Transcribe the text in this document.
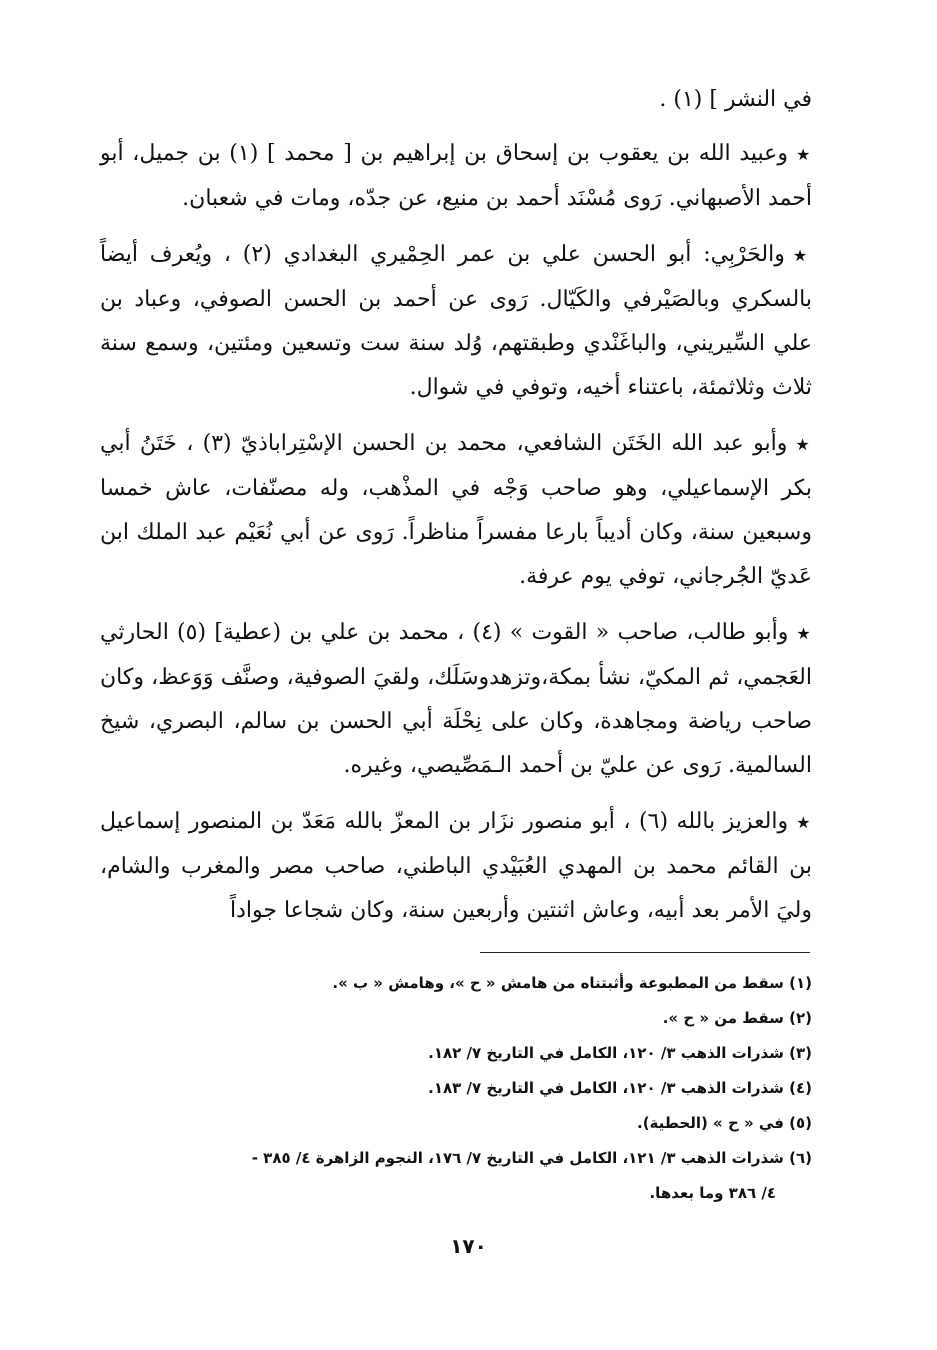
في النشر ] (١) .

★وعبيد الله بن يعقوب بن إسحاق بن إبراهيم بن [ محمد ] (١) بن جميل، أبو أحمد الأصبهاني. رَوى مُسْنَد أحمد بن منيع، عن جدّه، ومات في شعبان.

★والحَرْبِي: أبو الحسن علي بن عمر الحِمْيري البغدادي (٢) ، ويُعرف أيضاً بالسكري وبالصَيْرفي والكَيّال. رَوى عن أحمد بن الحسن الصوفي، وعباد بن علي السِّيريني، والباغَنْدي وطبقتهم، وُلد سنة ست وتسعين ومئتين، وسمع سنة ثلاث وثلاثمئة، باعتناء أخيه، وتوفي في شوال.

★وأبو عبد الله الخَتَن الشافعي، محمد بن الحسن الإسْتِراباذيّ (٣) ، خَتَنُ أبي بكر الإسماعيلي، وهو صاحب وَجْه في المذْهب، وله مصنّفات، عاش خمسا وسبعين سنة، وكان أديباً بارعا مفسراً مناظراً. رَوى عن أبي نُعَيْم عبد الملك ابن عَديّ الجُرجاني، توفي يوم عرفة.

★وأبو طالب، صاحب « القوت » (٤) ، محمد بن علي بن (عطية] (٥) الحارثي العَجمي، ثم المكيّ، نشأ بمكة،وتزهدوسَلَك، ولقيَ الصوفية، وصنَّف وَوَعظ، وكان صاحب رياضة ومجاهدة، وكان على نِحْلَة أبي الحسن بن سالم، البصري، شيخ السالمية. رَوى عن عليّ بن أحمد الـمَصِّيصي، وغيره.

★والعزيز بالله (٦) ، أبو منصور نزَار بن المعزّ بالله مَعَدّ بن المنصور إسماعيل بن القائم محمد بن المهدي العُبَيْدي الباطني، صاحب مصر والمغرب والشام، وليَ الأمر بعد أبيه، وعاش اثنتين وأربعين سنة، وكان شجاعا جواداً

(١) سقط من المطبوعة وأثبتناه من هامش « ح »، وهامش « ب ».

(٢) سقط من « ح ».

(٣) شذرات الذهب ٣/ ١٢٠، الكامل في التاريخ ٧/ ١٨٢.

(٤) شذرات الذهب ٣/ ١٢٠، الكامل في التاريخ ٧/ ١٨٣.

(٥) في « ح » (الحطية).

(٦) شذرات الذهب ٣/ ١٢١، الكامل في التاريخ ٧/ ١٧٦، النجوم الزاهرة ٤/ ٣٨٥ -

٤/ ٣٨٦ وما بعدها.

١٧٠
